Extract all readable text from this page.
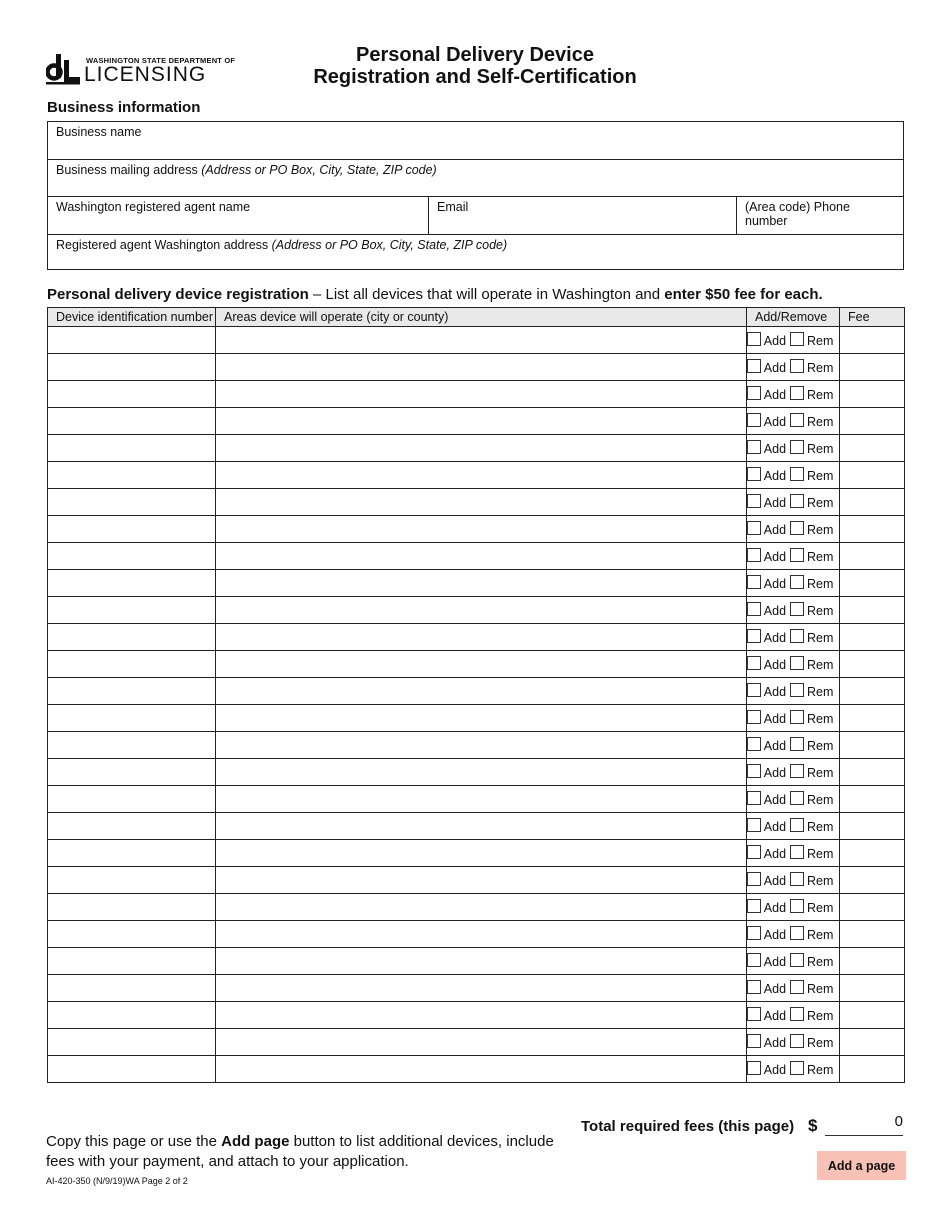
WASHINGTON STATE DEPARTMENT OF
LICENSING
Personal Delivery Device
Registration and Self-Certification
Business information
Business name
Business mailing address (Address or PO Box, City, State, ZIP code)
Washington registered agent name	Email	(Area code) Phone number
Registered agent Washington address (Address or PO Box, City, State, ZIP code)
Personal delivery device registration – List all devices that will operate in Washington and enter $50 fee for each.
Device identification number	Areas device will operate (city or county)	Add/Remove	Fee
		Add Rem	
		Add Rem	
		Add Rem	
		Add Rem	
		Add Rem	
		Add Rem	
		Add Rem	
		Add Rem	
		Add Rem	
		Add Rem	
		Add Rem	
		Add Rem	
		Add Rem	
		Add Rem	
		Add Rem	
		Add Rem	
		Add Rem	
		Add Rem	
		Add Rem	
		Add Rem	
		Add Rem	
		Add Rem	
		Add Rem	
		Add Rem	
		Add Rem	
		Add Rem	
		Add Rem	
		Add Rem	
Copy this page or use the Add page button to list additional devices, include fees with your payment, and attach to your application.
AI-420-350 (N/9/19)WA Page 2 of 2
Total required fees (this page) $	0
Add a page
